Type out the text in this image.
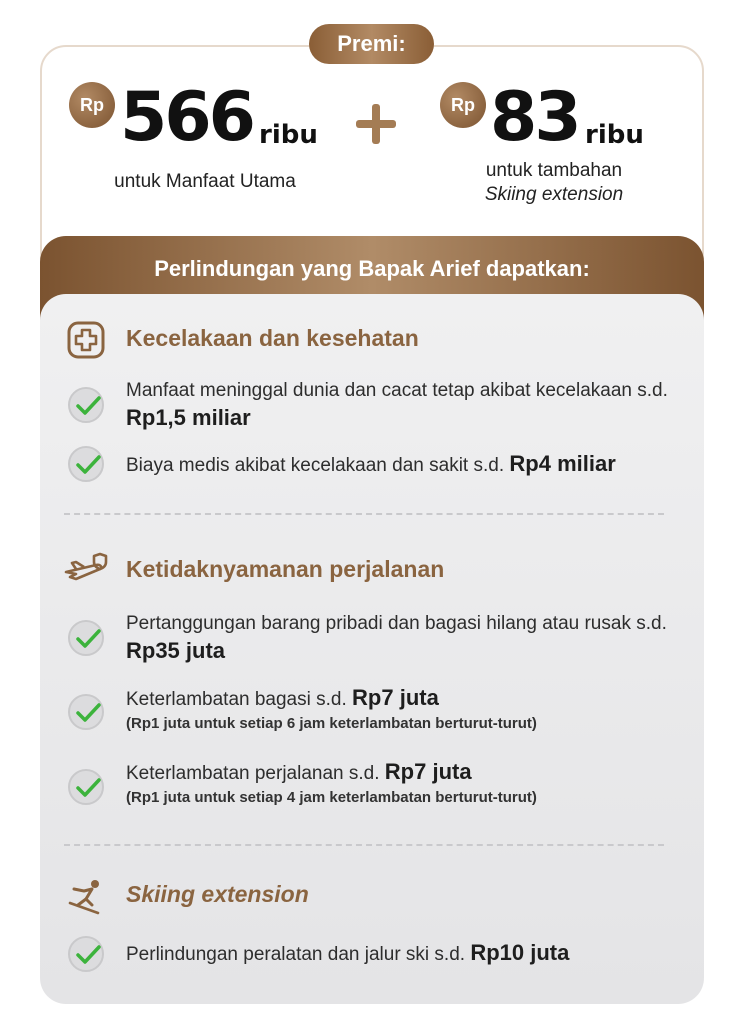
Premi:
Rp 566 ribu
untuk Manfaat Utama
Rp 83 ribu
untuk tambahan
Skiing extension
Perlindungan yang Bapak Arief dapatkan:
Kecelakaan dan kesehatan
Manfaat meninggal dunia dan cacat tetap akibat kecelakaan s.d. Rp1,5 miliar
Biaya medis akibat kecelakaan dan sakit s.d. Rp4 miliar
Ketidaknyamanan perjalanan
Pertanggungan barang pribadi dan bagasi hilang atau rusak s.d. Rp35 juta
Keterlambatan bagasi s.d. Rp7 juta
(Rp1 juta untuk setiap 6 jam keterlambatan berturut-turut)
Keterlambatan perjalanan s.d. Rp7 juta
(Rp1 juta untuk setiap 4 jam keterlambatan berturut-turut)
Skiing extension
Perlindungan peralatan dan jalur ski s.d. Rp10 juta
